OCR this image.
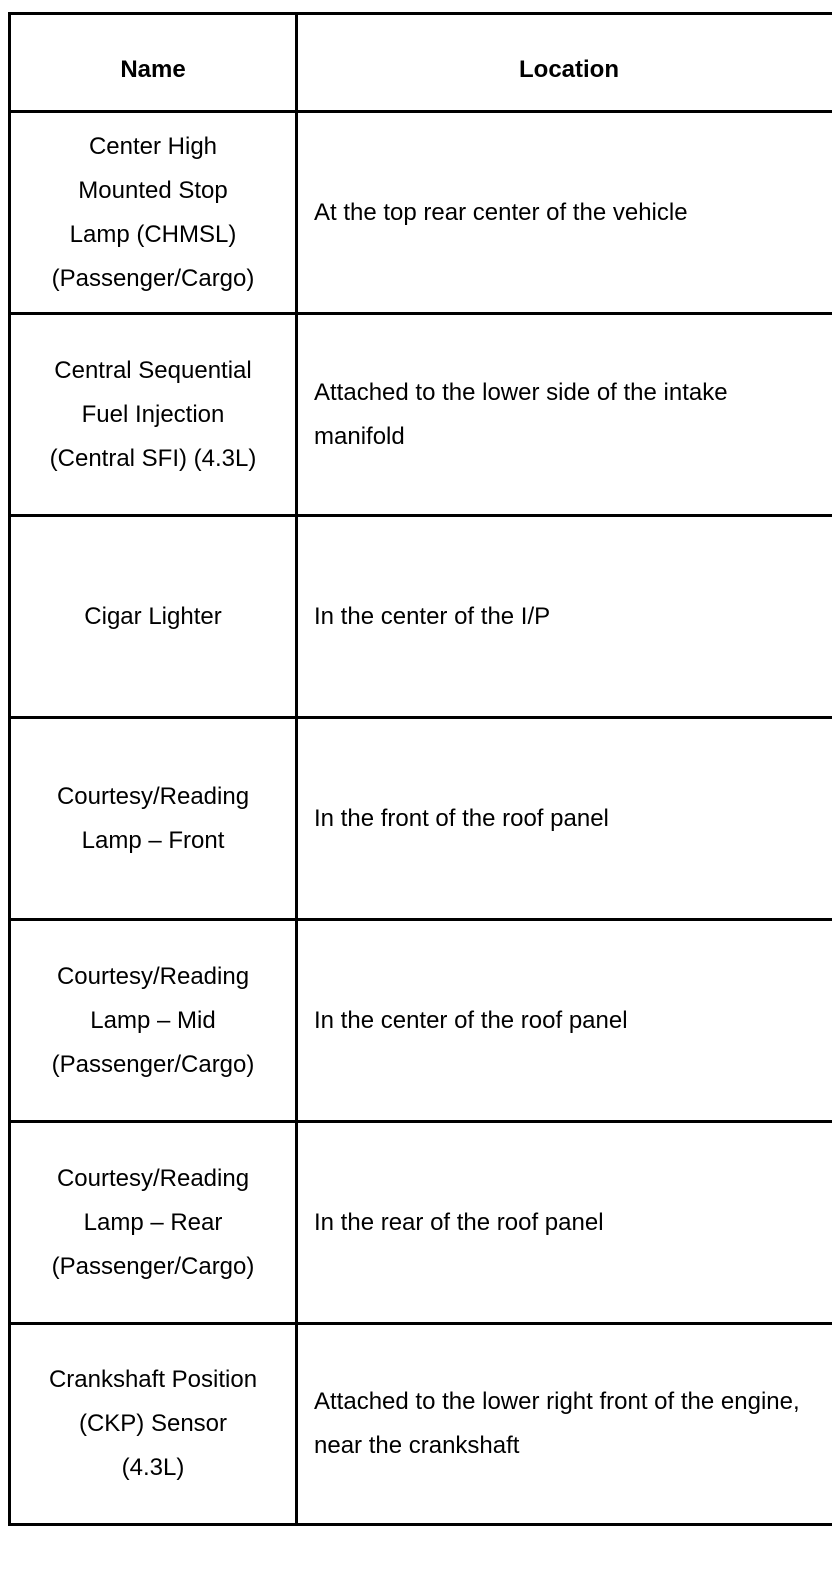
Name	Location

Center High
Mounted Stop
Lamp (CHMSL)
(Passenger/Cargo)	At the top rear center of the vehicle

Central Sequential
Fuel Injection
(Central SFI) (4.3L)	Attached to the lower side of the intake manifold

Cigar Lighter	In the center of the I/P

Courtesy/Reading
Lamp – Front	In the front of the roof panel

Courtesy/Reading
Lamp – Mid
(Passenger/Cargo)	In the center of the roof panel

Courtesy/Reading
Lamp – Rear
(Passenger/Cargo)	In the rear of the roof panel

Crankshaft Position
(CKP) Sensor
(4.3L)	Attached to the lower right front of the engine, near the crankshaft
